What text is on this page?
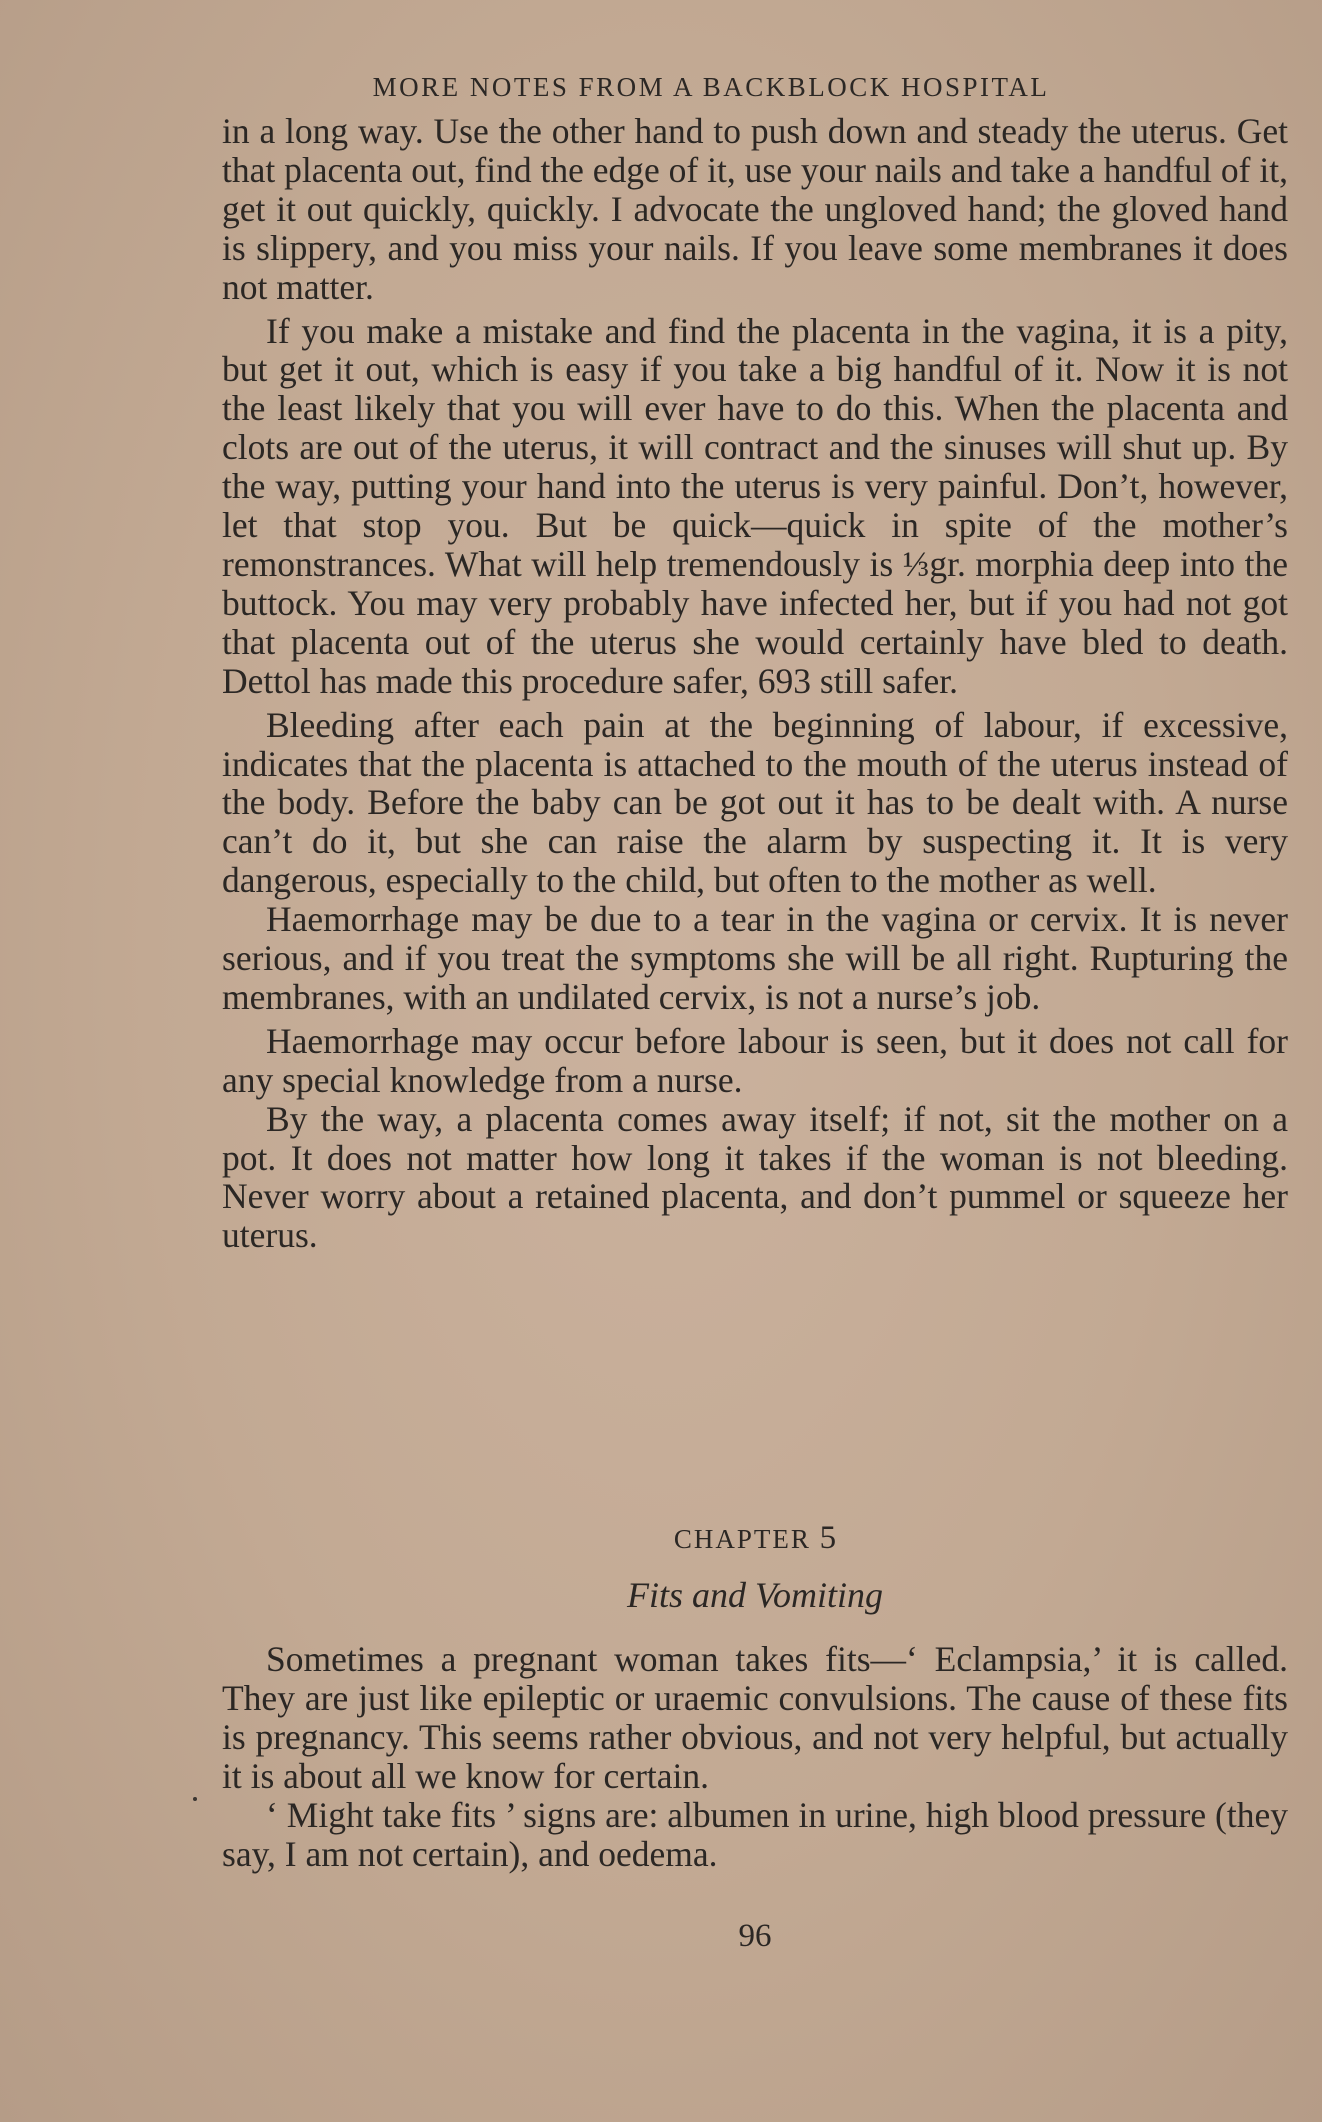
MORE NOTES FROM A BACKBLOCK HOSPITAL

in a long way. Use the other hand to push down and steady the uterus. Get that placenta out, find the edge of it, use your nails and take a handful of it, get it out quickly, quickly. I advocate the ungloved hand; the gloved hand is slippery, and you miss your nails. If you leave some membranes it does not matter.

If you make a mistake and find the placenta in the vagina, it is a pity, but get it out, which is easy if you take a big handful of it. Now it is not the least likely that you will ever have to do this. When the placenta and clots are out of the uterus, it will contract and the sinuses will shut up. By the way, putting your hand into the uterus is very painful. Don’t, however, let that stop you. But be quick—quick in spite of the mother’s remonstrances. What will help tremendously is ⅓gr. morphia deep into the buttock. You may very probably have infected her, but if you had not got that placenta out of the uterus she would certainly have bled to death. Dettol has made this procedure safer, 693 still safer.

Bleeding after each pain at the beginning of labour, if excessive, indicates that the placenta is attached to the mouth of the uterus instead of the body. Before the baby can be got out it has to be dealt with. A nurse can’t do it, but she can raise the alarm by suspecting it. It is very dangerous, especially to the child, but often to the mother as well.

Haemorrhage may be due to a tear in the vagina or cervix. It is never serious, and if you treat the symptoms she will be all right. Rupturing the membranes, with an undilated cervix, is not a nurse’s job.

Haemorrhage may occur before labour is seen, but it does not call for any special knowledge from a nurse.

By the way, a placenta comes away itself; if not, sit the mother on a pot. It does not matter how long it takes if the woman is not bleeding. Never worry about a retained placenta, and don’t pummel or squeeze her uterus.

CHAPTER 5
Fits and Vomiting

Sometimes a pregnant woman takes fits—‘ Eclampsia,’ it is called. They are just like epileptic or uraemic convulsions. The cause of these fits is pregnancy. This seems rather obvious, and not very helpful, but actually it is about all we know for certain.

‘ Might take fits ’ signs are: albumen in urine, high blood pressure (they say, I am not certain), and oedema.

96
